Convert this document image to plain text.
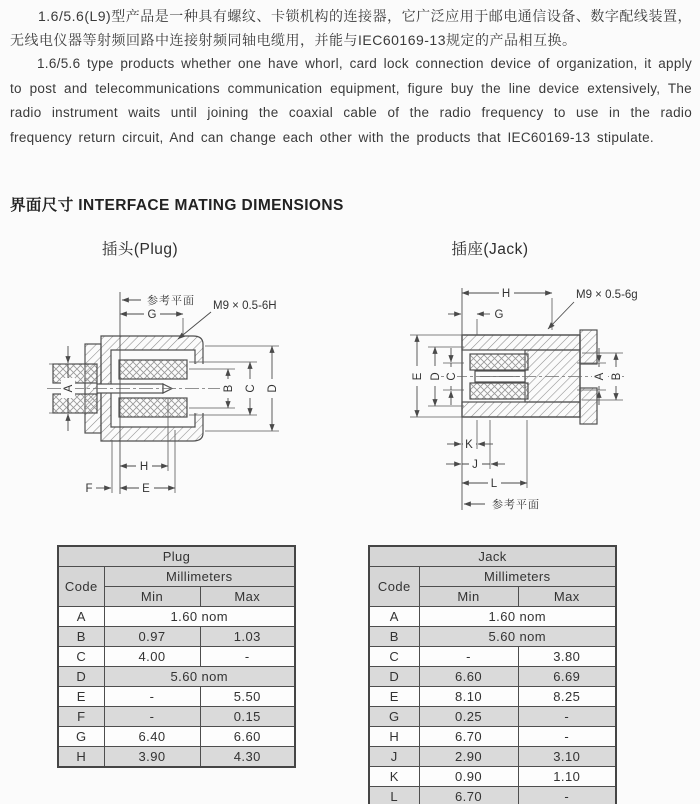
1.6/5.6(L9)型产品是一种具有螺纹、卡锁机构的连接器，它广泛应用于邮电通信设备、数字配线装置，无线电仪器等射频回路中连接射频同轴电缆用，并能与IEC60169-13规定的产品相互换。

1.6/5.6 type products whether one have whorl, card lock connection device of organization, it apply to post and telecommunications communication equipment, figure buy the line device extensively, The radio instrument waits until joining the coaxial cable of the radio frequency to use in the radio frequency return circuit, And can change each other with the products that IEC60169-13 stipulate.

界面尺寸 INTERFACE MATING DIMENSIONS
插头(Plug)	插座(Jack)
参考平面 M9 × 0.5-6H
G
A	B C D
H
E
F
H
G
M9 × 0.5-6g
E D C	A B
K
J
L
参考平面
Plug		
Code	Millimeters	
	Min	Max
A	1.60 nom	
B	0.97	1.03
C	4.00	-
D	5.60 nom	
E	-	5.50
F	-	0.15
G	6.40	6.60
H	3.90	4.30
Jack		
Code	Millimeters	
	Min	Max
A	1.60 nom	
B	5.60 nom	
C	-	3.80
D	6.60	6.69
E	8.10	8.25
G	0.25	-
H	6.70	-
J	2.90	3.10
K	0.90	1.10
L	6.70	-
